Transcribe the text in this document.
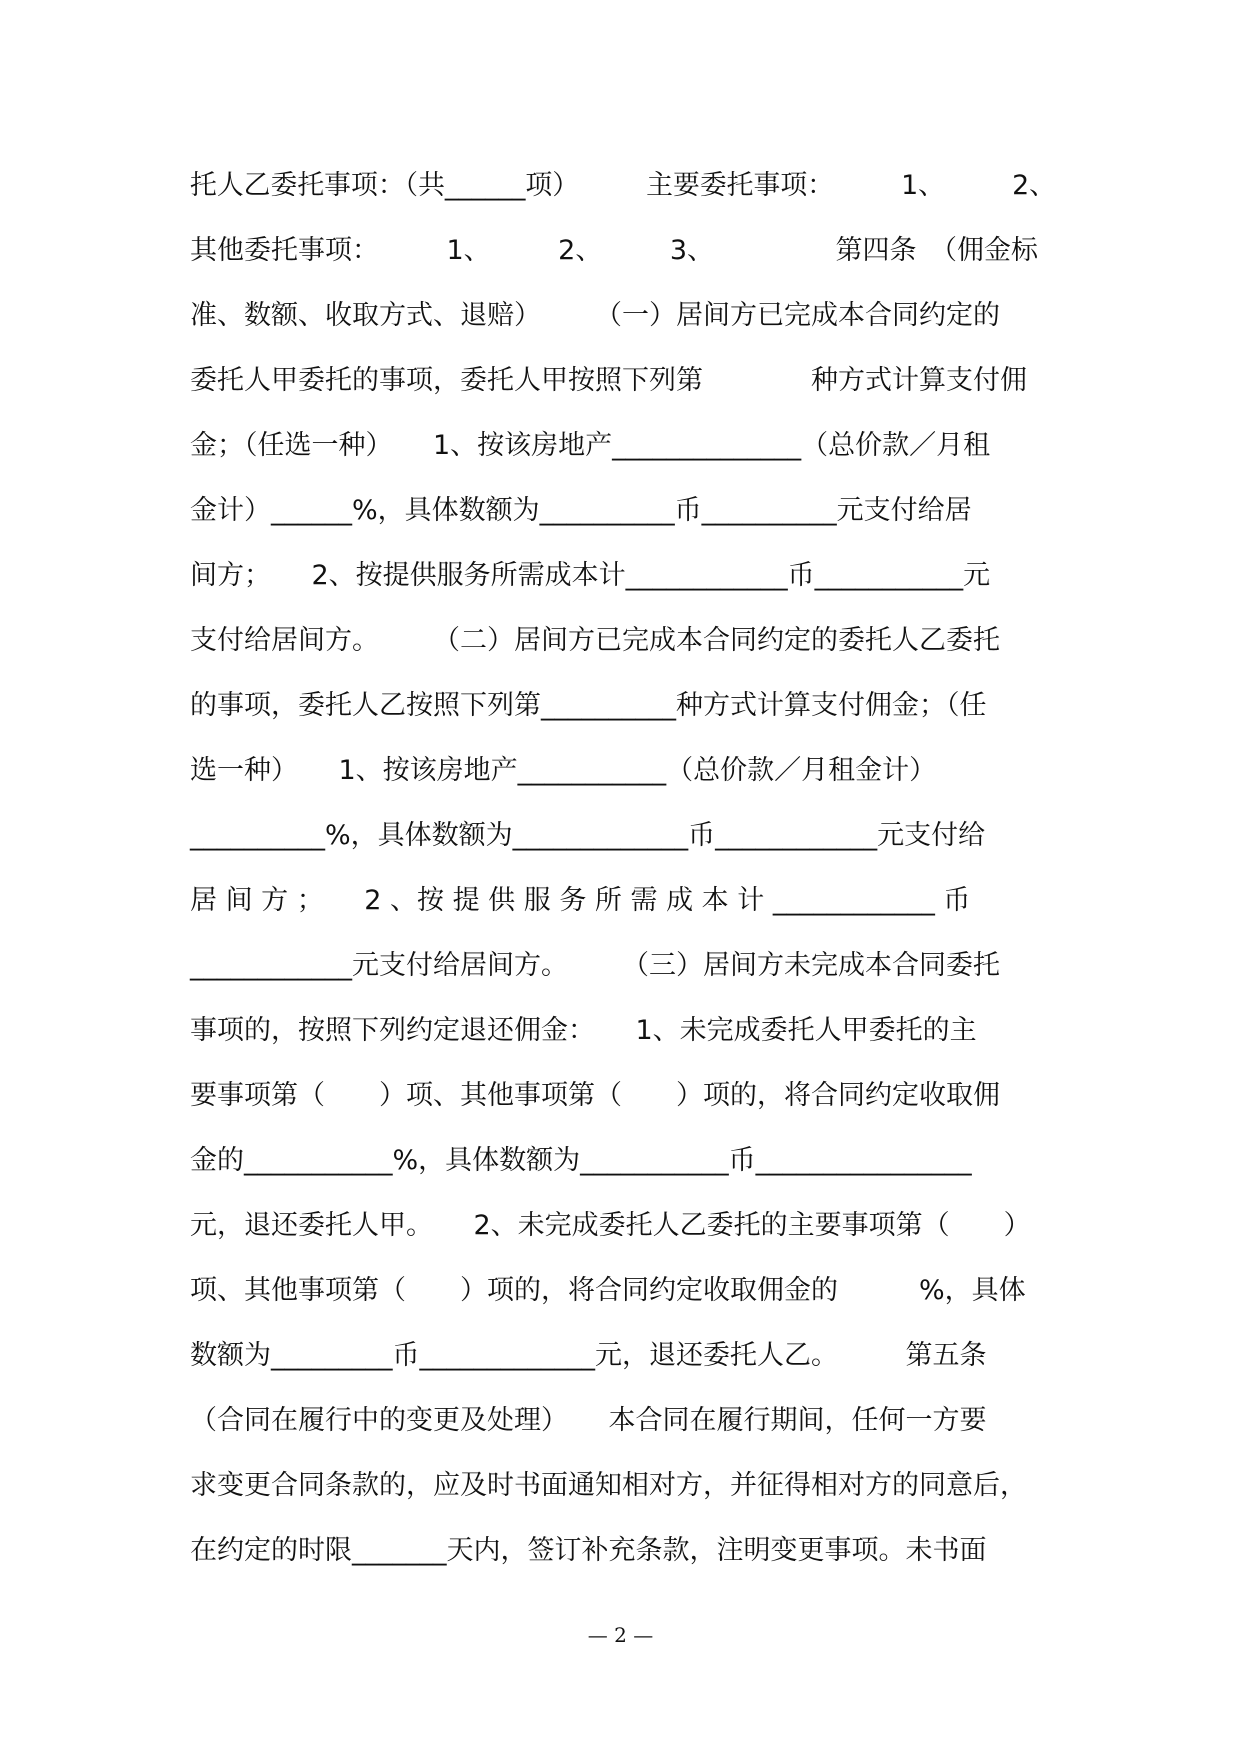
托人乙委托事项：（共______项）　　　主要委托事项：　　　1、　　　2、
其他委托事项：　　　1、　　　2、　　　3、　　　　　第四条　（佣金标
准、数额、收取方式、退赔）　　　（一）居间方已完成本合同约定的
委托人甲委托的事项，委托人甲按照下列第　　　　种方式计算支付佣
金；（任选一种）　　1、按该房地产______________（总价款／月租
金计）______%，具体数额为__________币__________元支付给居
间方；　　2、按提供服务所需成本计____________币___________元
支付给居间方。　　　（二）居间方已完成本合同约定的委托人乙委托
的事项，委托人乙按照下列第__________种方式计算支付佣金；（任
选一种）　　1、按该房地产___________（总价款／月租金计）
__________%，具体数额为_____________币____________元支付给
居 间 方 ；　　2 、按 提 供 服 务 所 需 成 本 计 ____________ 币
____________元支付给居间方。　　　（三）居间方未完成本合同委托
事项的，按照下列约定退还佣金：　　1、未完成委托人甲委托的主
要事项第（　　）项、其他事项第（　　）项的，将合同约定收取佣
金的___________%，具体数额为___________币________________
元，退还委托人甲。　　2、未完成委托人乙委托的主要事项第（　　）
项、其他事项第（　　）项的，将合同约定收取佣金的　　　%，具体
数额为_________币_____________元，退还委托人乙。　　　第五条
（合同在履行中的变更及处理）　　本合同在履行期间，任何一方要
求变更合同条款的，应及时书面通知相对方，并征得相对方的同意后，
在约定的时限_______天内，签订补充条款，注明变更事项。未书面
— 2 —
